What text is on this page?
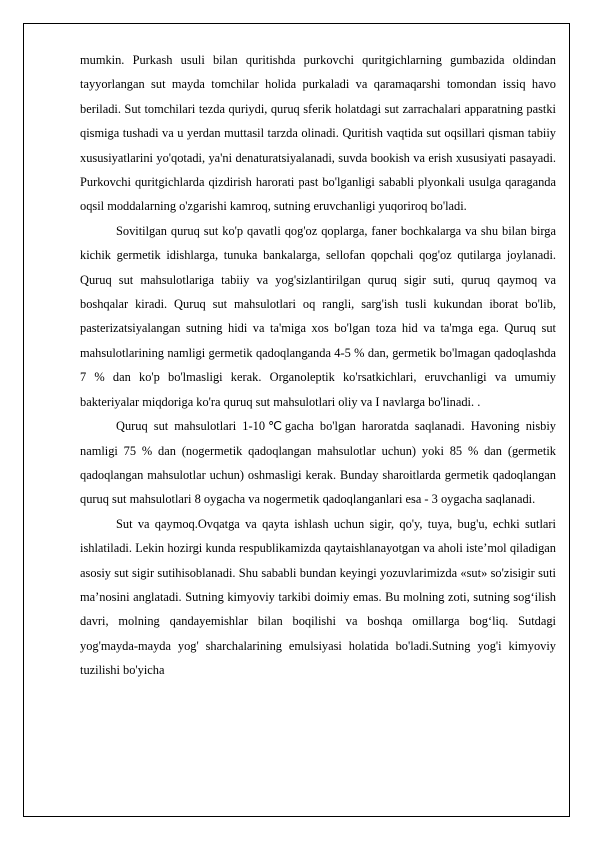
mumkin. Purkash usuli bilan quritishda purkovchi quritgichlarning gumbazida oldindan tayyorlangan sut mayda tomchilar holida purkaladi va qaramaqarshi tomondan issiq havo beriladi. Sut tomchilari tezda quriydi, quruq sferik holatdagi sut zarrachalari apparatning pastki qismiga tushadi va u yerdan muttasil tarzda olinadi. Quritish vaqtida sut oqsillari qisman tabiiy xususiyatlarini yo'qotadi, ya'ni denaturatsiyalanadi, suvda bookish va erish xususiyati pasayadi. Purkovchi quritgichlarda qizdirish harorati past bo'lganligi sababli plyonkali usulga qaraganda oqsil moddalarning o'zgarishi kamroq, sutning eruvchanligi yuqoriroq bo'ladi.

Sovitilgan quruq sut ko'p qavatli qog'oz qoplarga, faner bochkalarga va shu bilan birga kichik germetik idishlarga, tunuka bankalarga, sellofan qopchali qog'oz qutilarga joylanadi. Quruq sut mahsulotlariga tabiiy va yog'sizlantirilgan quruq sigir suti, quruq qaymoq va boshqalar kiradi. Quruq sut mahsulotlari oq rangli, sarg'ish tusli kukundan iborat bo'lib, pasterizatsiyalangan sutning hidi va ta'miga xos bo'lgan toza hid va ta'mga ega. Quruq sut mahsulotlarining namligi germetik qadoqlanganda 4-5 % dan, germetik bo'lmagan qadoqlashda 7 % dan ko'p bo'lmasligi kerak. Organoleptik ko'rsatkichlari, eruvchanligi va umumiy bakteriyalar miqdoriga ko'ra quruq sut mahsulotlari oliy va I navlarga bo'linadi. .

Quruq sut mahsulotlari 1-10℃gacha bo'lgan haroratda saqlanadi. Havoning nisbiy namligi 75 % dan (nogermetik qadoqlangan mahsulotlar uchun) yoki 85 % dan (germetik qadoqlangan mahsulotlar uchun) oshmasligi kerak. Bunday sharoitlarda germetik qadoqlangan quruq sut mahsulotlari 8 oygacha va nogermetik qadoqlanganlari esa - 3 oygacha saqlanadi.

Sut va qaymoq.Ovqatga va qayta ishlash uchun sigir, qo'y, tuya, bug'u, echki sutlari ishlatiladi. Lekin hozirgi kunda respublikamizda qaytaishlanayotgan va aholi iste’mol qiladigan asosiy sut sigir sutihisoblanadi. Shu sababli bundan keyingi yozuvlarimizda «sut» so'zisigir suti ma’nosini anglatadi. Sutning kimyoviy tarkibi doimiy emas. Bu molning zoti, sutning sog‘ilish davri, molning qandayemishlar bilan boqilishi va boshqa omillarga bog‘liq. Sutdagi yog'mayda-mayda yog' sharchalarining emulsiyasi holatida bo'ladi.Sutning yog'i kimyoviy tuzilishi bo'yicha
